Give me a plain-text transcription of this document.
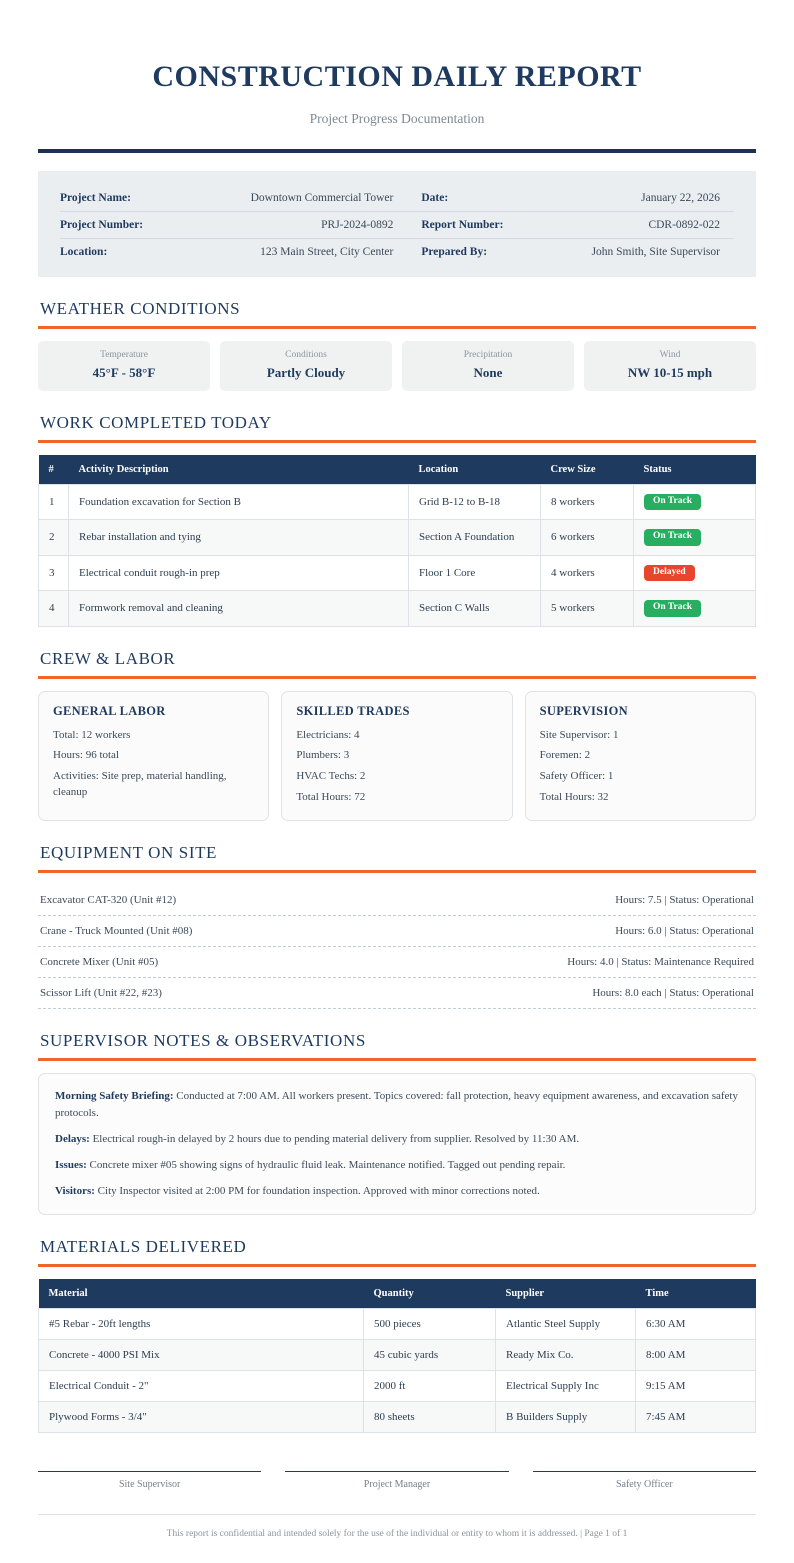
CONSTRUCTION DAILY REPORT
Project Progress Documentation
Project Name:	Downtown Commercial Tower	Date:	January 22, 2026
Project Number:	PRJ-2024-0892	Report Number:	CDR-0892-022
Location:	123 Main Street, City Center	Prepared By:	John Smith, Site Supervisor
WEATHER CONDITIONS
Temperature
45°F - 58°F
Conditions
Partly Cloudy
Precipitation
None
Wind
NW 10-15 mph
WORK COMPLETED TODAY
#	Activity Description	Location	Crew Size	Status
1	Foundation excavation for Section B	Grid B-12 to B-18	8 workers	On Track
2	Rebar installation and tying	Section A Foundation	6 workers	On Track
3	Electrical conduit rough-in prep	Floor 1 Core	4 workers	Delayed
4	Formwork removal and cleaning	Section C Walls	5 workers	On Track
CREW & LABOR
GENERAL LABOR

Total: 12 workers

Hours: 96 total

Activities: Site prep, material handling, cleanup

SKILLED TRADES

Electricians: 4

Plumbers: 3

HVAC Techs: 2

Total Hours: 72

SUPERVISION

Site Supervisor: 1

Foremen: 2

Safety Officer: 1

Total Hours: 32

EQUIPMENT ON SITE
Excavator CAT-320 (Unit #12)	Hours: 7.5 | Status: Operational
Crane - Truck Mounted (Unit #08)	Hours: 6.0 | Status: Operational
Concrete Mixer (Unit #05)	Hours: 4.0 | Status: Maintenance Required
Scissor Lift (Unit #22, #23)	Hours: 8.0 each | Status: Operational
SUPERVISOR NOTES & OBSERVATIONS

Morning Safety Briefing: Conducted at 7:00 AM. All workers present. Topics covered: fall protection, heavy equipment awareness, and excavation safety protocols.

Delays: Electrical rough-in delayed by 2 hours due to pending material delivery from supplier. Resolved by 11:30 AM.

Issues: Concrete mixer #05 showing signs of hydraulic fluid leak. Maintenance notified. Tagged out pending repair.

Visitors: City Inspector visited at 2:00 PM for foundation inspection. Approved with minor corrections noted.

MATERIALS DELIVERED
Material	Quantity	Supplier	Time
#5 Rebar - 20ft lengths	500 pieces	Atlantic Steel Supply	6:30 AM
Concrete - 4000 PSI Mix	45 cubic yards	Ready Mix Co.	8:00 AM
Electrical Conduit - 2"	2000 ft	Electrical Supply Inc	9:15 AM
Plywood Forms - 3/4"	80 sheets	B Builders Supply	7:45 AM
Site Supervisor	Project Manager	Safety Officer
This report is confidential and intended solely for the use of the individual or entity to whom it is addressed. | Page 1 of 1
